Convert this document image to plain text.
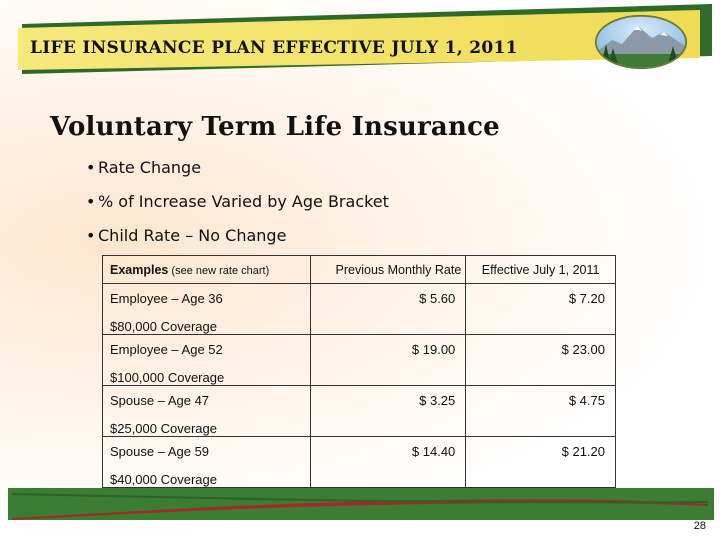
LIFE INSURANCE PLAN EFFECTIVE JULY 1, 2011
Voluntary Term Life Insurance
• Rate Change
• % of Increase Varied by Age Bracket
• Child Rate – No Change
Examples (see new rate chart)	Previous Monthly Rate	Effective July 1, 2011

Employee – Age 36
$80,000 Coverage	$ 5.60	$ 7.20

Employee – Age 52
$100,000 Coverage	$ 19.00	$ 23.00

Spouse – Age 47
$25,000 Coverage	$ 3.25	$ 4.75

Spouse – Age 59
$40,000 Coverage	$ 14.40	$ 21.20
28
